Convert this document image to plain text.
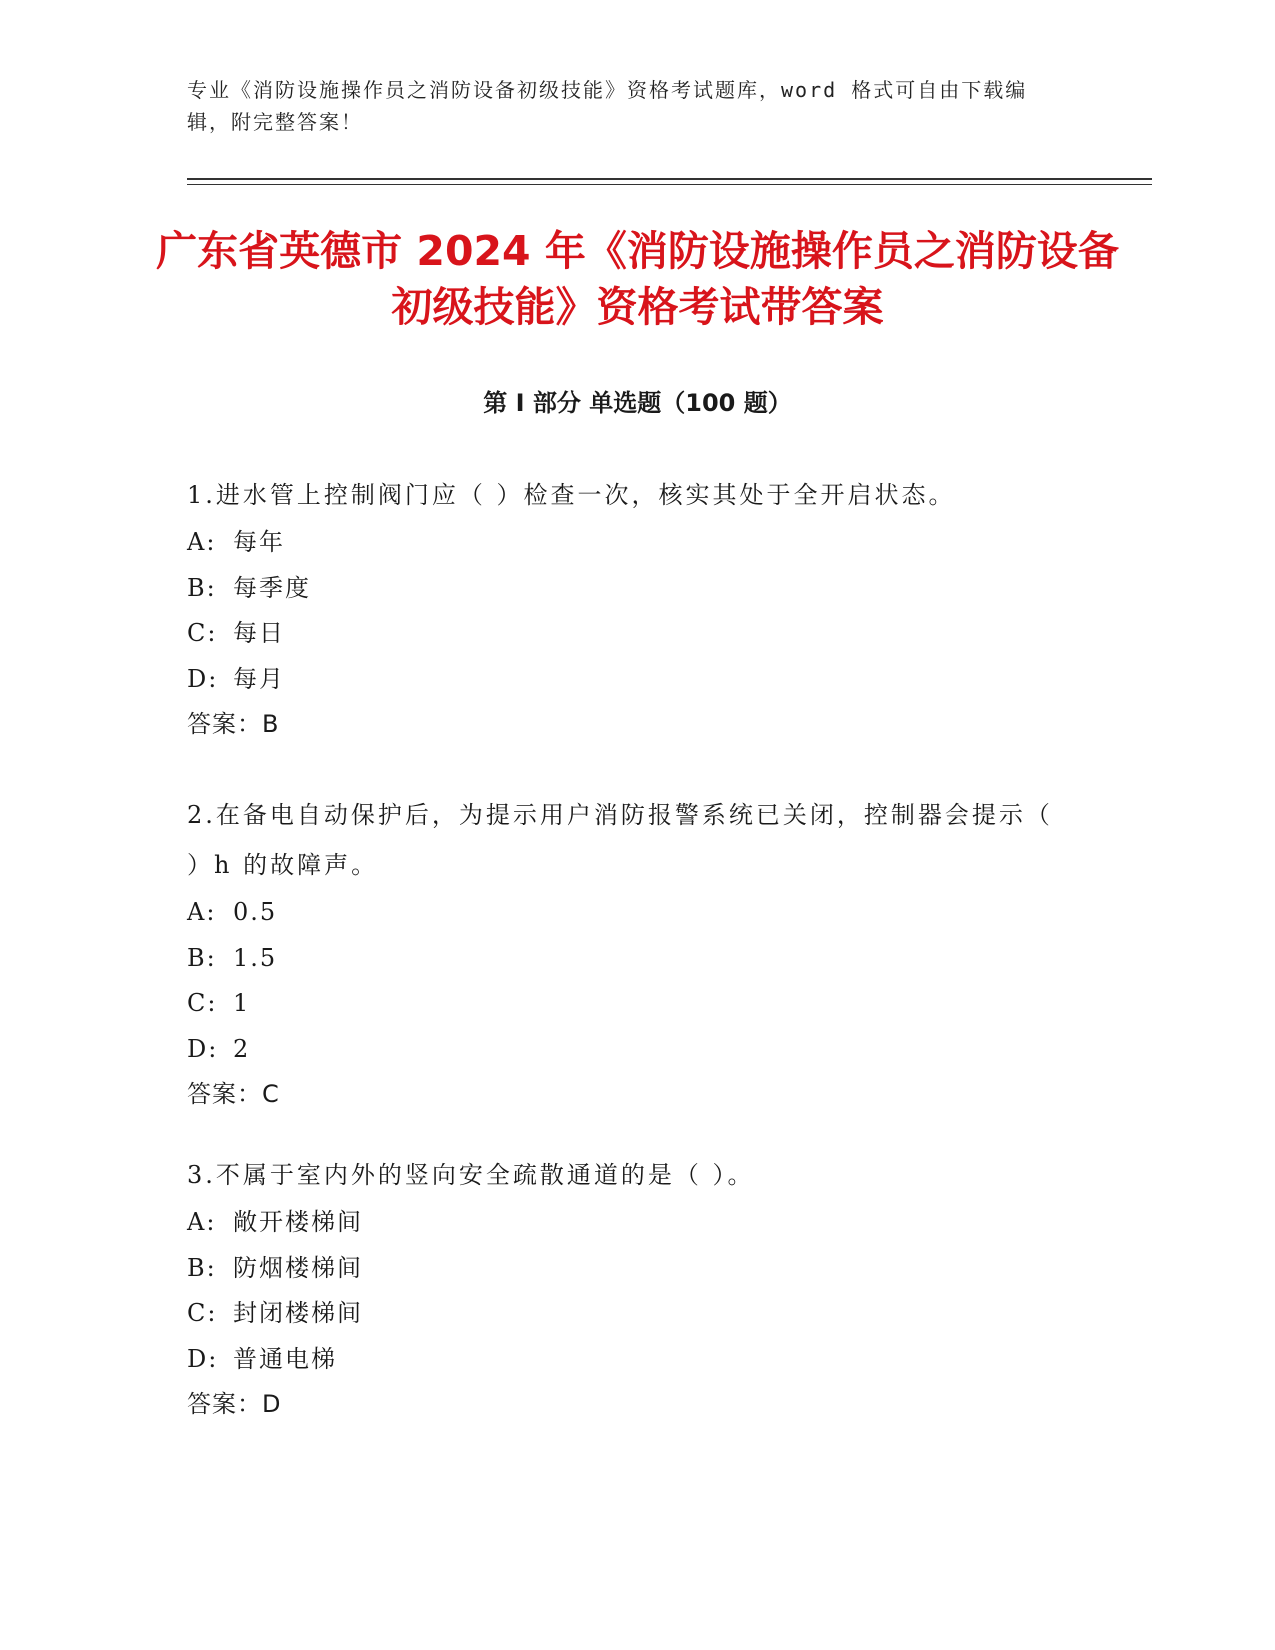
专业《消防设施操作员之消防设备初级技能》资格考试题库，word 格式可自由下载编辑，附完整答案！
广东省英德市 2024 年《消防设施操作员之消防设备初级技能》资格考试带答案
第 I 部分 单选题（100 题）
1.进水管上控制阀门应（ ）检查一次，核实其处于全开启状态。
A: 每年
B: 每季度
C: 每日
D: 每月
答案：B
2.在备电自动保护后，为提示用户消防报警系统已关闭，控制器会提示（ ）h 的故障声。
A: 0.5
B: 1.5
C: 1
D: 2
答案：C
3.不属于室内外的竖向安全疏散通道的是（ ）。
A: 敞开楼梯间
B: 防烟楼梯间
C: 封闭楼梯间
D: 普通电梯
答案：D
